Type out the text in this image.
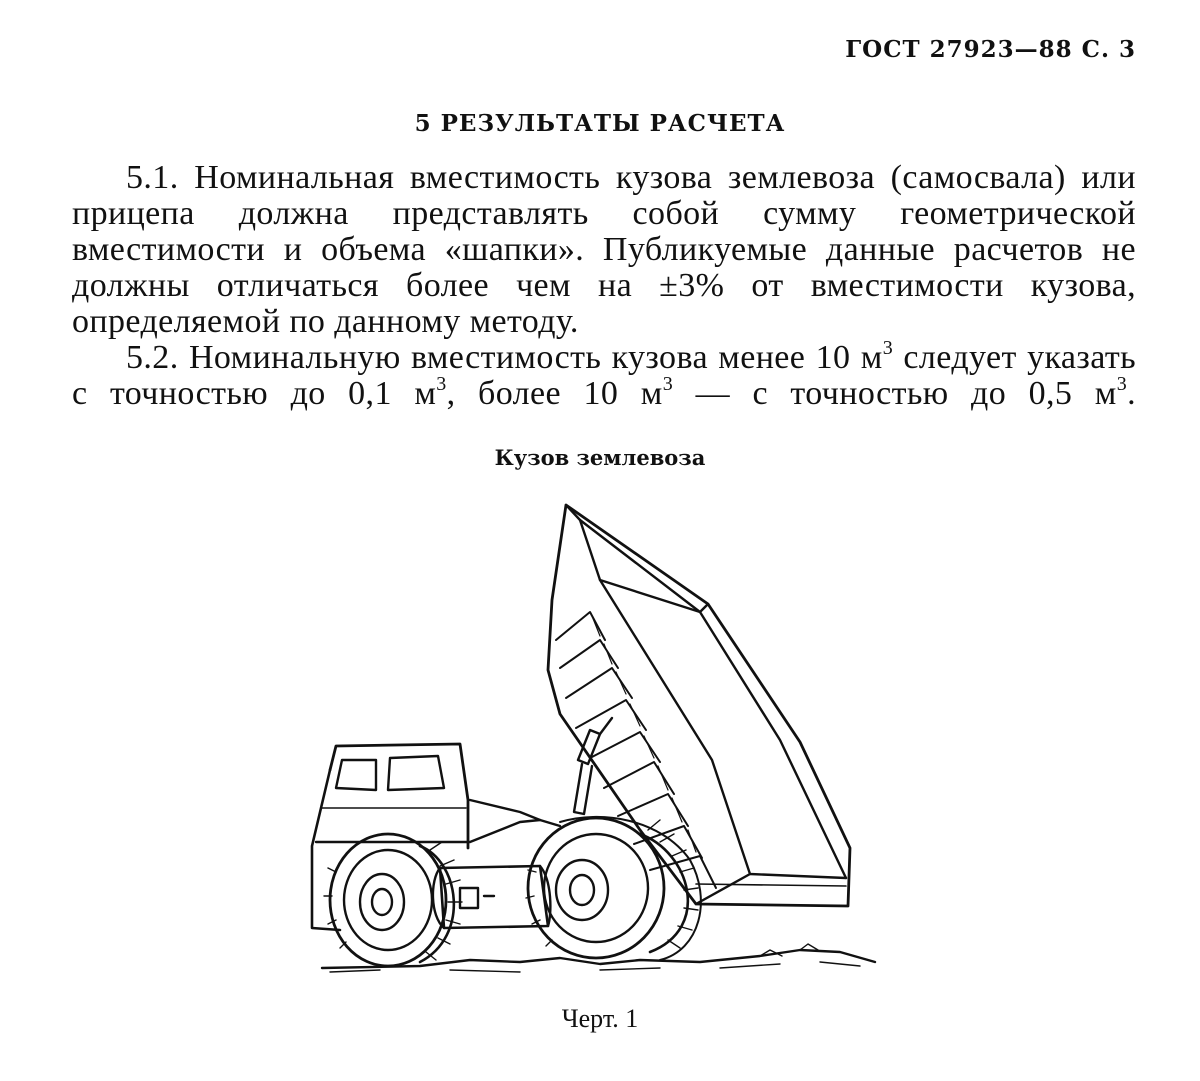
ГОСТ 27923—88 С. 3
5 РЕЗУЛЬТАТЫ РАСЧЕТА

5.1. Номинальная вместимость кузова землевоза (самосвала) или прицепа должна представлять собой сумму геометрической вместимости и объема «шапки». Публикуемые данные расчетов не должны отличаться более чем на ±3% от вместимости кузова, определяемой по данному методу.

5.2. Номинальную вместимость кузова менее 10 $м^3$ следует указать с точностью до 0,1 $м^3$, более 10 $м^3$ — с точностью до 0,5 $м^3$.

Кузов землевоза
Черт. 1
